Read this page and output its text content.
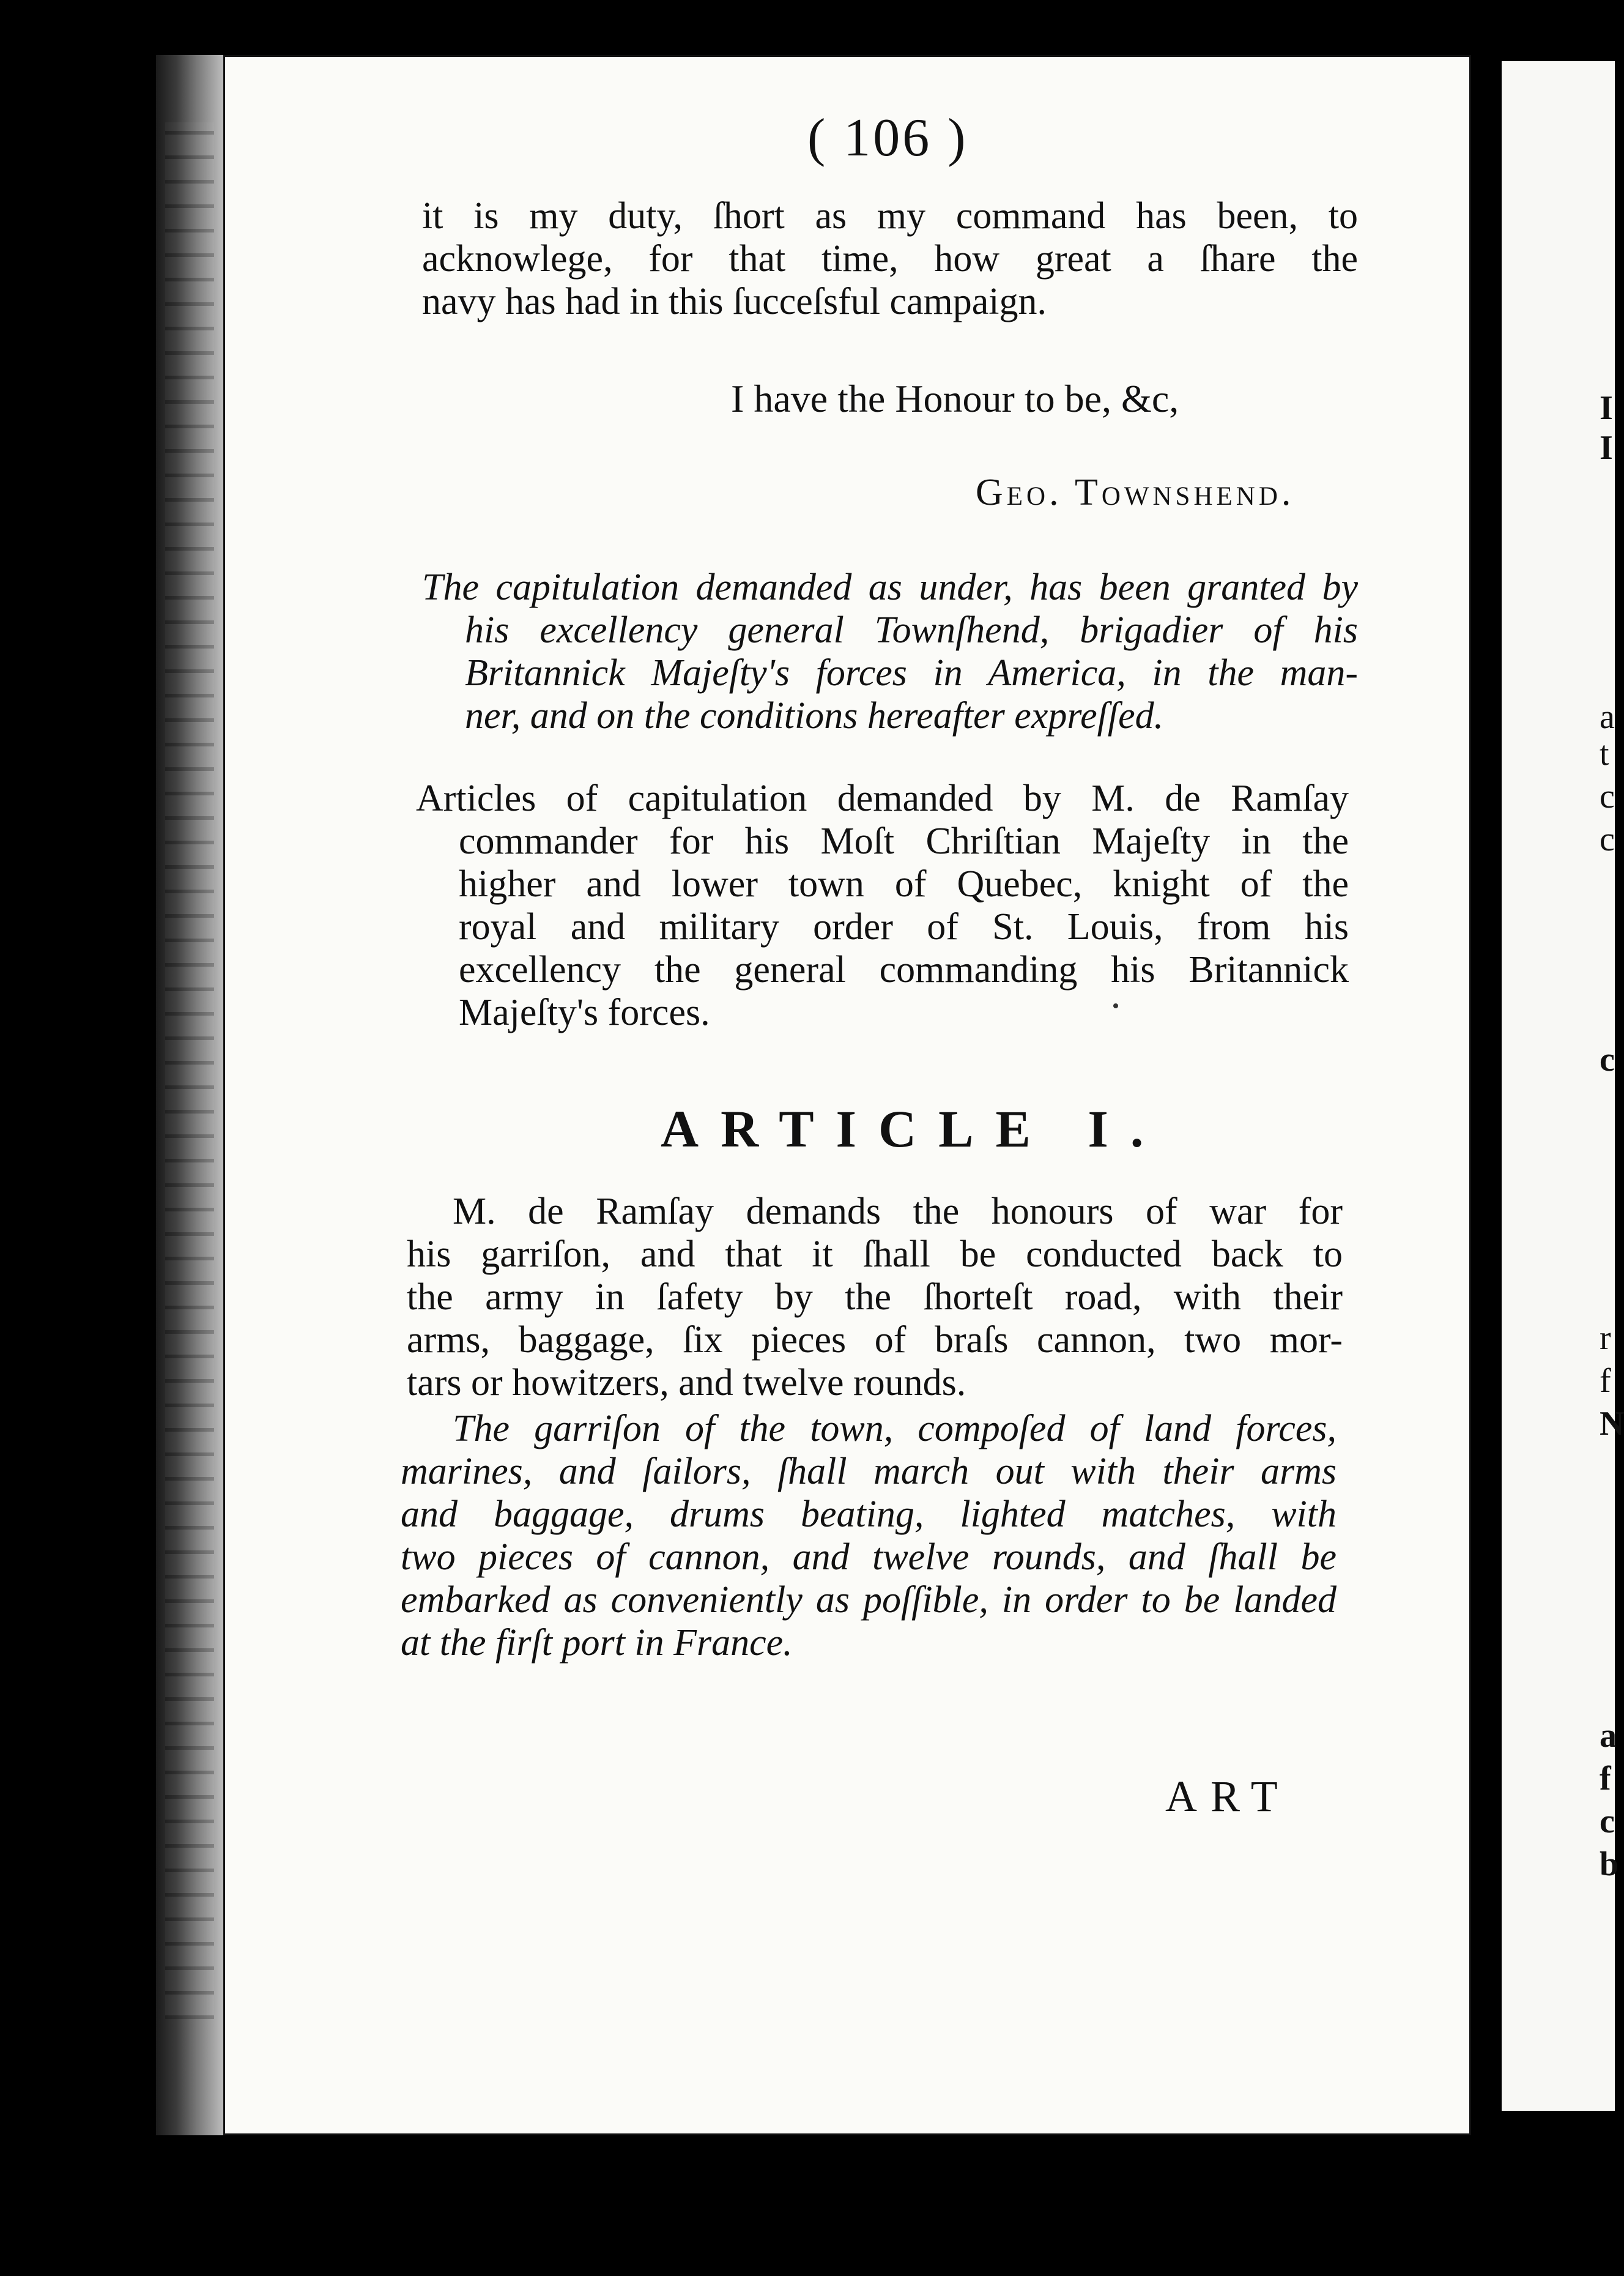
I
I
a
t
c
c
c
r
f
N
a
f
c
b
( 106 )
it is my duty, ſhort as my command has been, to
acknowlege, for that time, how great a ſhare the
navy has had in this ſucceſsful campaign.
I have the Honour to be, &c,
Geo. Townshend.
The capitulation demanded as under, has been granted by
his excellency general Townſhend, brigadier of his
Britannick Majeſty's forces in America, in the man-
ner, and on the conditions hereafter expreſſed.
Articles of capitulation demanded by M. de Ramſay
commander for his Moſt Chriſtian Majeſty in the
higher and lower town of Quebec, knight of the
royal and military order of St. Louis, from his
excellency the general commanding his Britannick
Majeſty's forces.
ARTICLE I.
M. de Ramſay demands the honours of war for
his garriſon, and that it ſhall be conducted back to
the army in ſafety by the ſhorteſt road, with their
arms, baggage, ſix pieces of braſs cannon, two mor-
tars or howitzers, and twelve rounds.
The garriſon of the town, compoſed of land forces,
marines, and ſailors, ſhall march out with their arms
and baggage, drums beating, lighted matches, with
two pieces of cannon, and twelve rounds, and ſhall be
embarked as conveniently as poſſible, in order to be landed
at the firſt port in France.
ART
